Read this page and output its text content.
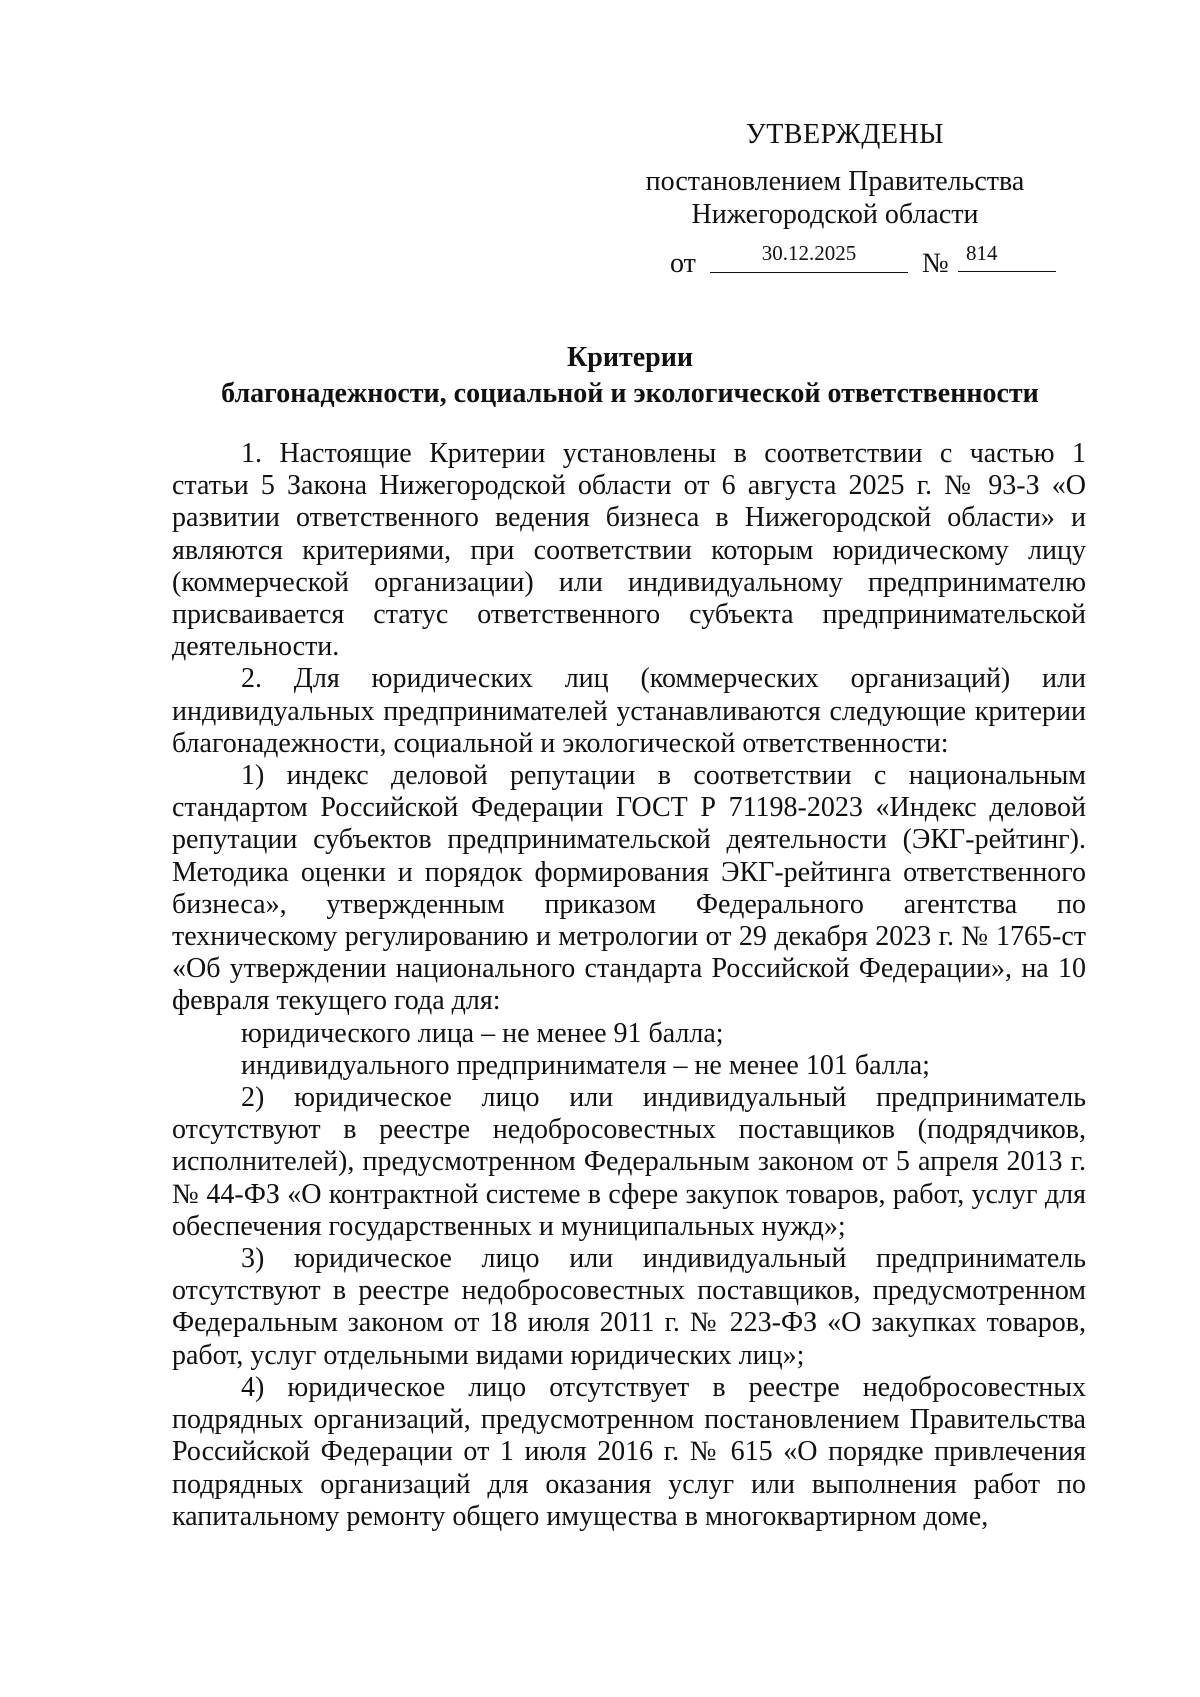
УТВЕРЖДЕНЫ
постановлением Правительства
Нижегородской области
от	30.12.2025	№ 814
Критерии
благонадежности, социальной и экологической ответственности

1. Настоящие Критерии установлены в соответствии с частью 1 статьи 5 Закона Нижегородской области от 6 августа 2025 г. № 93-З «О развитии ответственного ведения бизнеса в Нижегородской области» и являются критериями, при соответствии которым юридическому лицу (коммерческой организации) или индивидуальному предпринимателю присваивается статус ответственного субъекта предпринимательской деятельности.

2. Для юридических лиц (коммерческих организаций) или индивидуальных предпринимателей устанавливаются следующие критерии благонадежности, социальной и экологической ответственности:

1) индекс деловой репутации в соответствии с национальным стандартом Российской Федерации ГОСТ Р 71198-2023 «Индекс деловой репутации субъектов предпринимательской деятельности (ЭКГ-рейтинг). Методика оценки и порядок формирования ЭКГ-рейтинга ответственного бизнеса», утвержденным приказом Федерального агентства по техническому регулированию и метрологии от 29 декабря 2023 г. № 1765-ст «Об утверждении национального стандарта Российской Федерации», на 10 февраля текущего года для:

юридического лица – не менее 91 балла;

индивидуального предпринимателя – не менее 101 балла;

2) юридическое лицо или индивидуальный предприниматель отсутствуют в реестре недобросовестных поставщиков (подрядчиков, исполнителей), предусмотренном Федеральным законом от 5 апреля 2013 г. № 44-ФЗ «О контрактной системе в сфере закупок товаров, работ, услуг для обеспечения государственных и муниципальных нужд»;

3) юридическое лицо или индивидуальный предприниматель отсутствуют в реестре недобросовестных поставщиков, предусмотренном Федеральным законом от 18 июля 2011 г. № 223-ФЗ «О закупках товаров, работ, услуг отдельными видами юридических лиц»;

4) юридическое лицо отсутствует в реестре недобросовестных подрядных организаций, предусмотренном постановлением Правительства Российской Федерации от 1 июля 2016 г. № 615 «О порядке привлечения подрядных организаций для оказания услуг или выполнения работ по капитальному ремонту общего имущества в многоквартирном доме,
